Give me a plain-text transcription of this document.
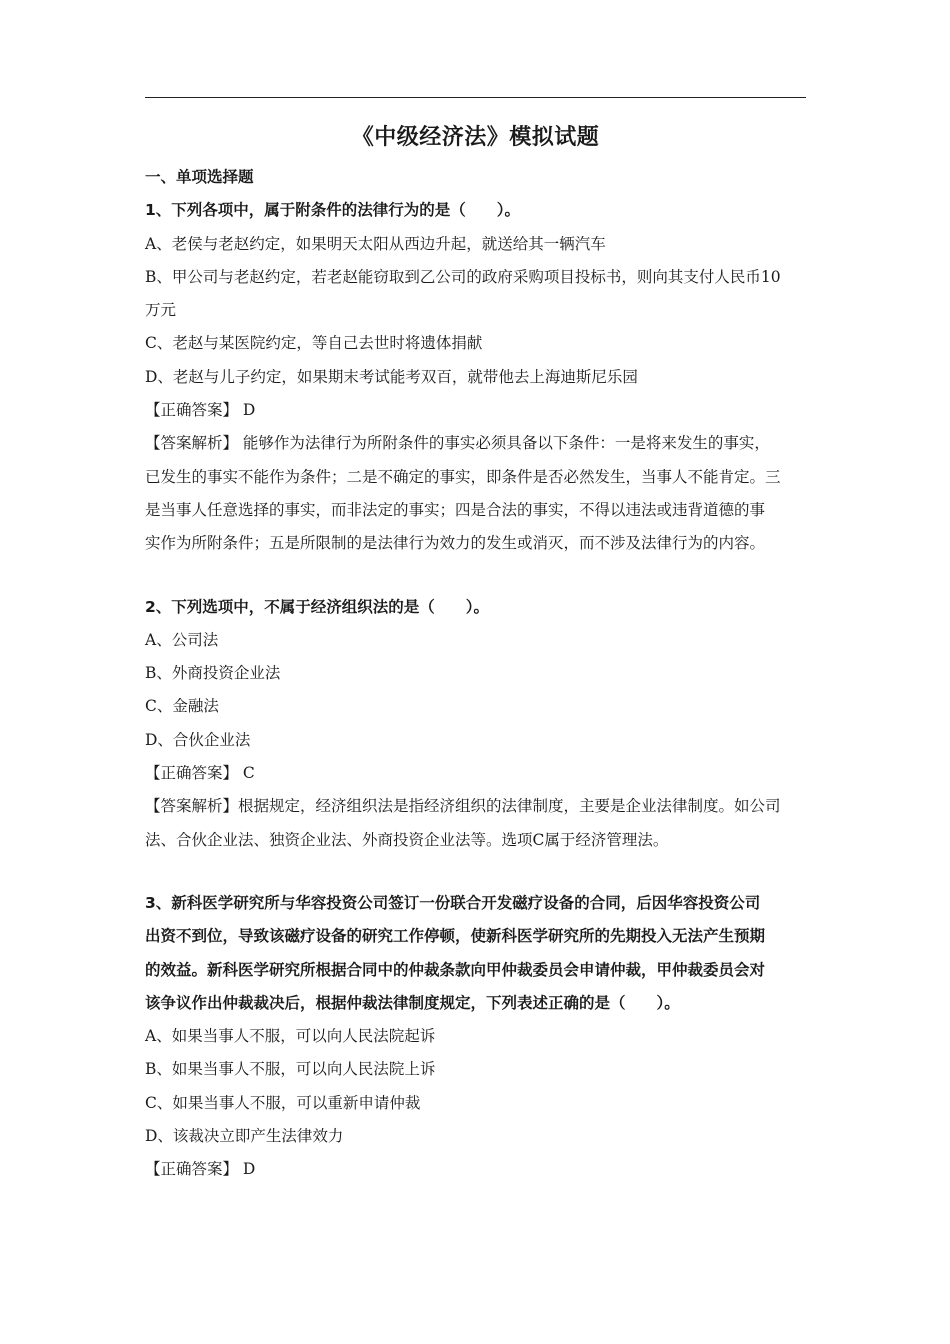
《中级经济法》模拟试题
一、单项选择题
1、下列各项中，属于附条件的法律行为的是（　　）。
A、老侯与老赵约定，如果明天太阳从西边升起，就送给其一辆汽车
B、甲公司与老赵约定，若老赵能窃取到乙公司的政府采购项目投标书，则向其支付人民币10
万元
C、老赵与某医院约定，等自己去世时将遗体捐献
D、老赵与儿子约定，如果期末考试能考双百，就带他去上海迪斯尼乐园
【正确答案】 D
【答案解析】 能够作为法律行为所附条件的事实必须具备以下条件：一是将来发生的事实，
已发生的事实不能作为条件；二是不确定的事实，即条件是否必然发生，当事人不能肯定。三
是当事人任意选择的事实，而非法定的事实；四是合法的事实，不得以违法或违背道德的事
实作为所附条件；五是所限制的是法律行为效力的发生或消灭，而不涉及法律行为的内容。
2、下列选项中，不属于经济组织法的是（　　）。
A、公司法
B、外商投资企业法
C、金融法
D、合伙企业法
【正确答案】 C
【答案解析】根据规定，经济组织法是指经济组织的法律制度，主要是企业法律制度。如公司
法、合伙企业法、独资企业法、外商投资企业法等。选项C属于经济管理法。
3、新科医学研究所与华容投资公司签订一份联合开发磁疗设备的合同，后因华容投资公司
出资不到位，导致该磁疗设备的研究工作停顿，使新科医学研究所的先期投入无法产生预期
的效益。新科医学研究所根据合同中的仲裁条款向甲仲裁委员会申请仲裁，甲仲裁委员会对
该争议作出仲裁裁决后，根据仲裁法律制度规定，下列表述正确的是（　　）。
A、如果当事人不服，可以向人民法院起诉
B、如果当事人不服，可以向人民法院上诉
C、如果当事人不服，可以重新申请仲裁
D、该裁决立即产生法律效力
【正确答案】 D
